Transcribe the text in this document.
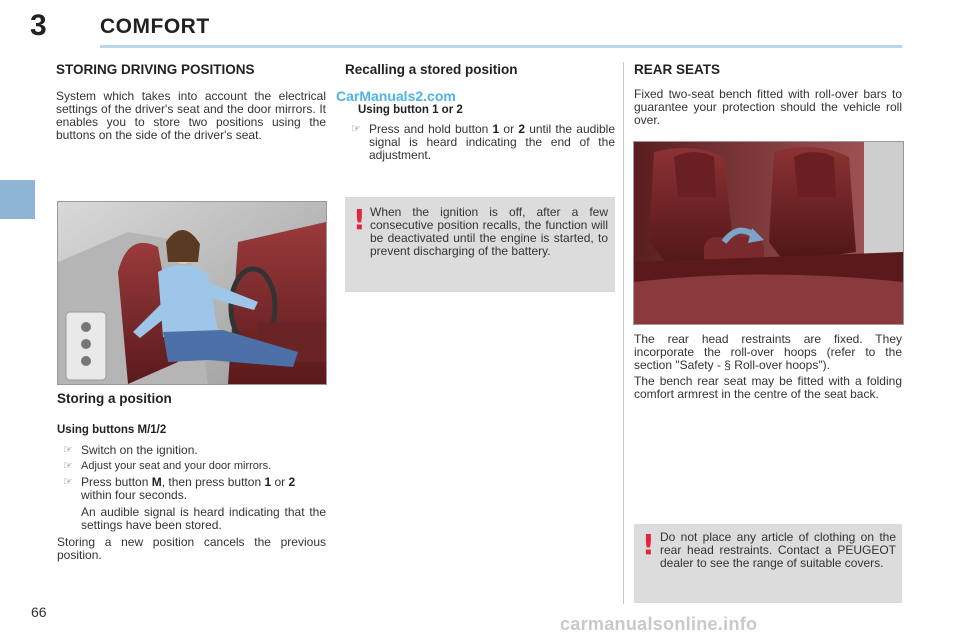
3	COMFORT
STORING DRIVING POSITIONS
System which takes into account the electrical settings of the driver's seat and the door mirrors. It enables you to store two positions using the buttons on the side of the driver's seat.
Storing a position
Using buttons M/1/2
☞ Switch on the ignition.
☞ Adjust your seat and your door mirrors.
☞ Press button M, then press button 1 or 2 within four seconds.
An audible signal is heard indicating that the settings have been stored.
Storing a new position cancels the previous position.
Recalling a stored position
CarManuals2.com
Using button 1 or 2
☞ Press and hold button 1 or 2 until the audible signal is heard indicating the end of the adjustment.
! When the ignition is off, after a few consecutive position recalls, the function will be deactivated until the engine is started, to prevent discharging of the battery.
REAR SEATS
Fixed two-seat bench fitted with roll-over bars to guarantee your protection should the vehicle roll over.
The rear head restraints are fixed. They incorporate the roll-over hoops (refer to the section "Safety - § Roll-over hoops").
The bench rear seat may be fitted with a folding comfort armrest in the centre of the seat back.
! Do not place any article of clothing on the rear head restraints. Contact a PEUGEOT dealer to see the range of suitable covers.
66
carmanualsonline.info
